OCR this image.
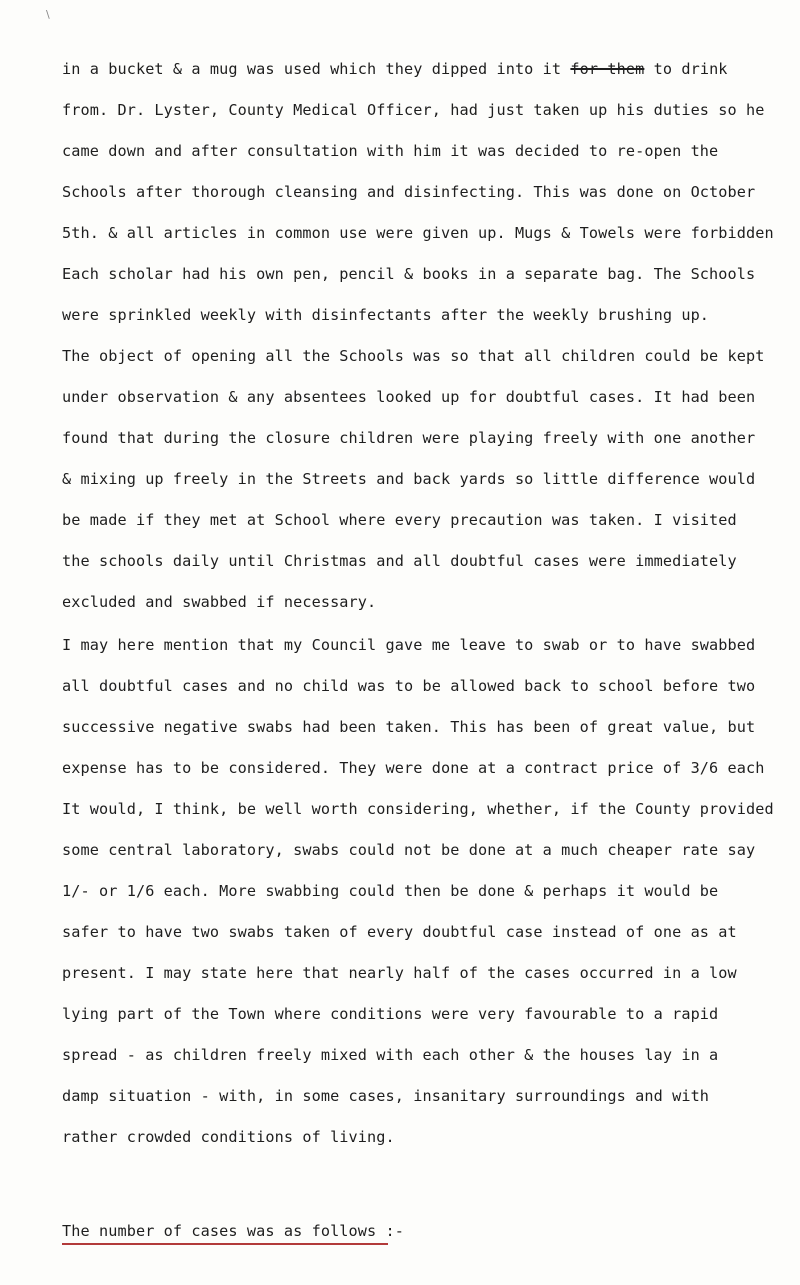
\
in a bucket & a mug was used which they dipped into it for them to drink
from. Dr. Lyster, County Medical Officer, had just taken up his duties so he
came down and after consultation with him it was decided to re-open the
Schools after thorough cleansing and disinfecting. This was done on October
5th. & all articles in common use were given up. Mugs & Towels were forbidden
Each scholar had his own pen, pencil & books in a separate bag. The Schools
were sprinkled weekly with disinfectants after the weekly brushing up.
The object of opening all the Schools was so that all children could be kept
under observation & any absentees looked up for doubtful cases. It had been
found that during the closure children were playing freely with one another
& mixing up freely in the Streets and back yards so little difference would
be made if they met at School where every precaution was taken. I visited
the schools daily until Christmas and all doubtful cases were immediately
excluded and swabbed if necessary.
I may here mention that my Council gave me leave to swab or to have swabbed
all doubtful cases and no child was to be allowed back to school before two
successive negative swabs had been taken. This has been of great value, but
expense has to be considered. They were done at a contract price of 3/6 each
It would, I think, be well worth considering, whether, if the County provided
some central laboratory, swabs could not be done at a much cheaper rate say
1/- or 1/6 each. More swabbing could then be done & perhaps it would be
safer to have two swabs taken of every doubtful case instead of one as at
present. I may state here that nearly half of the cases occurred in a low
lying part of the Town where conditions were very favourable to a rapid
spread - as children freely mixed with each other & the houses lay in a
damp situation - with, in some cases, insanitary surroundings and with
rather crowded conditions of living.
The number of cases was as follows :-
